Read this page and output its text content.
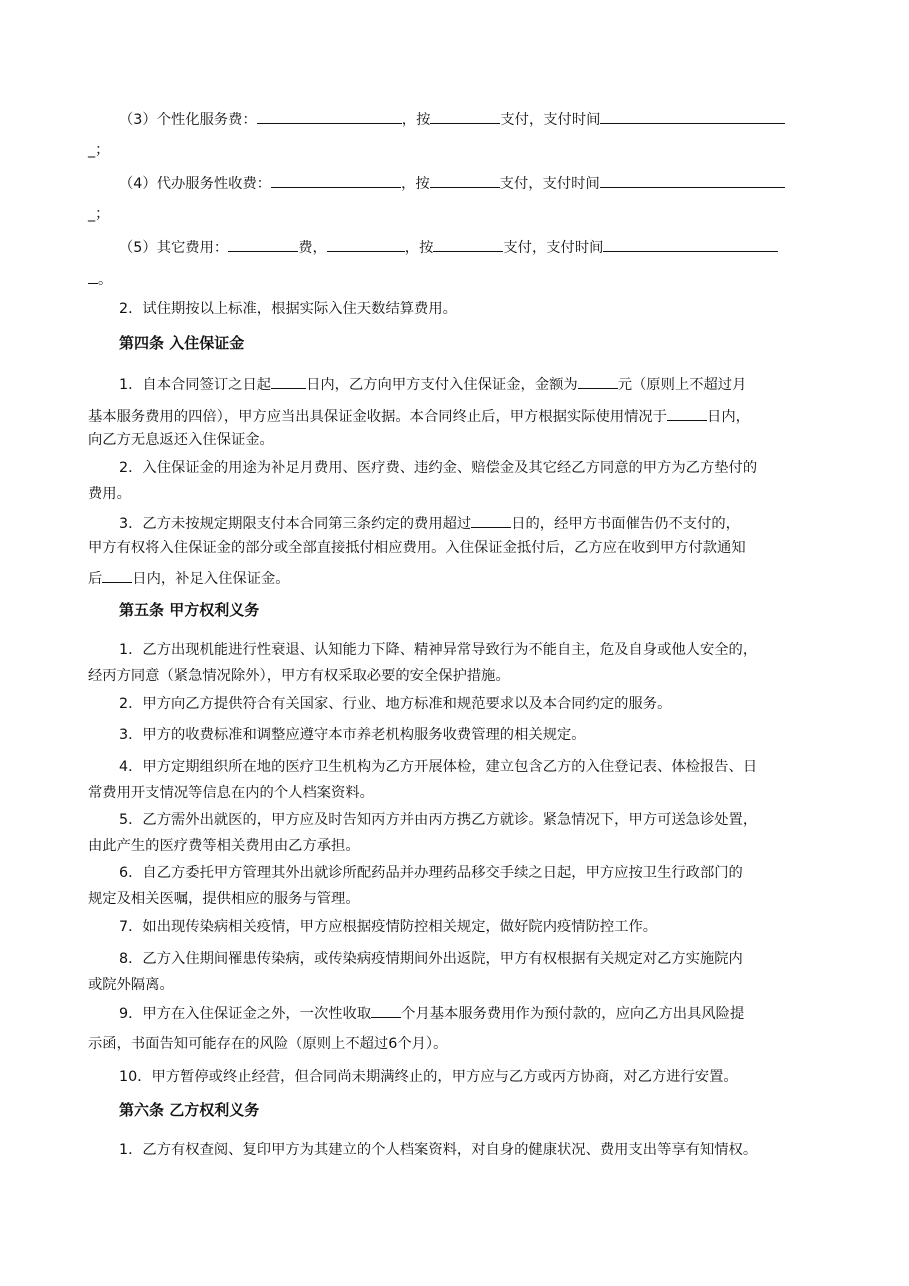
（3）个性化服务费：	，按	支付，支付时间
_；
（4）代办服务性收费：	，按	支付，支付时间
_；
（5）其它费用：	费，	，按	支付，支付时间
。
2．试住期按以上标准，根据实际入住天数结算费用。
第四条 入住保证金
1．自本合同签订之日起 日内，乙方向甲方支付入住保证金，金额为	元（原则上不超过月
基本服务费用的四倍），甲方应当出具保证金收据。本合同终止后，甲方根据实际使用情况于	日内，
向乙方无息返还入住保证金。
2．入住保证金的用途为补足月费用、医疗费、违约金、赔偿金及其它经乙方同意的甲方为乙方垫付的
费用。
3．乙方未按规定期限支付本合同第三条约定的费用超过	日的，经甲方书面催告仍不支付的，
甲方有权将入住保证金的部分或全部直接抵付相应费用。入住保证金抵付后，乙方应在收到甲方付款通知
后 日内，补足入住保证金。
第五条 甲方权利义务
1．乙方出现机能进行性衰退、认知能力下降、精神异常导致行为不能自主，危及自身或他人安全的，
经丙方同意（紧急情况除外），甲方有权采取必要的安全保护措施。
2．甲方向乙方提供符合有关国家、行业、地方标准和规范要求以及本合同约定的服务。
3．甲方的收费标准和调整应遵守本市养老机构服务收费管理的相关规定。
4．甲方定期组织所在地的医疗卫生机构为乙方开展体检，建立包含乙方的入住登记表、体检报告、日
常费用开支情况等信息在内的个人档案资料。
5．乙方需外出就医的，甲方应及时告知丙方并由丙方携乙方就诊。紧急情况下，甲方可送急诊处置，
由此产生的医疗费等相关费用由乙方承担。
6．自乙方委托甲方管理其外出就诊所配药品并办理药品移交手续之日起，甲方应按卫生行政部门的
规定及相关医嘱，提供相应的服务与管理。
7．如出现传染病相关疫情，甲方应根据疫情防控相关规定，做好院内疫情防控工作。
8．乙方入住期间罹患传染病，或传染病疫情期间外出返院，甲方有权根据有关规定对乙方实施院内
或院外隔离。
9．甲方在入住保证金之外，一次性收取 个月基本服务费用作为预付款的，应向乙方出具风险提
示函，书面告知可能存在的风险（原则上不超过6个月）。
10．甲方暂停或终止经营，但合同尚未期满终止的，甲方应与乙方或丙方协商，对乙方进行安置。
第六条 乙方权利义务
1．乙方有权查阅、复印甲方为其建立的个人档案资料，对自身的健康状况、费用支出等享有知情权。
